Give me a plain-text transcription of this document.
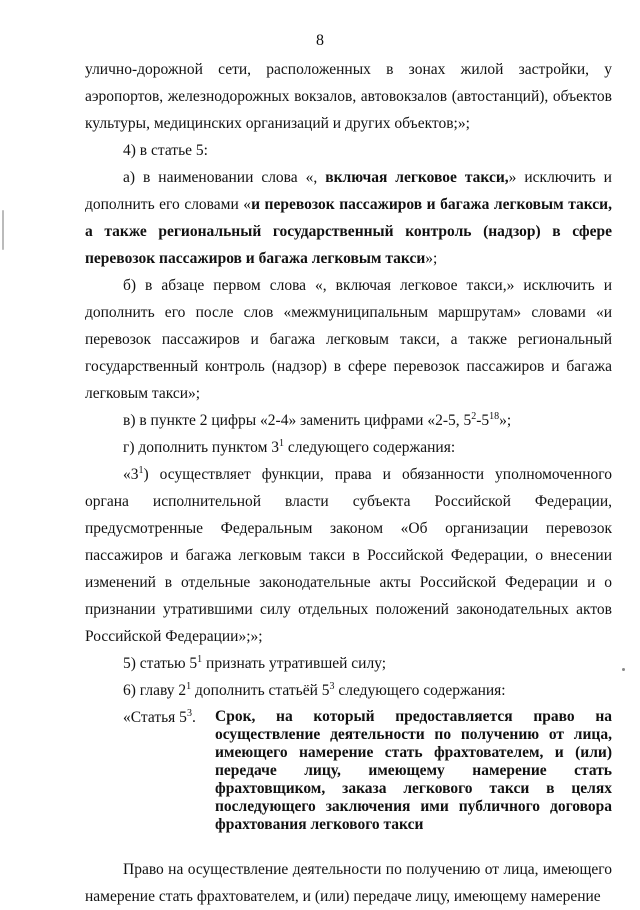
8

улично-дорожной сети, расположенных в зонах жилой застройки, у аэропортов, железнодорожных вокзалов, автовокзалов (автостанций), объектов культуры, медицинских организаций и других объектов;»;

4) в статье 5:

а) в наименовании слова «, включая легковое такси,» исключить и дополнить его словами «и перевозок пассажиров и багажа легковым такси, а также региональный государственный контроль (надзор) в сфере перевозок пассажиров и багажа легковым такси»;

б) в абзаце первом слова «, включая легковое такси,» исключить и дополнить его после слов «межмуниципальным маршрутам» словами «и перевозок пассажиров и багажа легковым такси, а также региональный государственный контроль (надзор) в сфере перевозок пассажиров и багажа легковым такси»;

в) в пункте 2 цифры «2-4» заменить цифрами «2-5, $5^2-5^{18}$»;

г) дополнить пунктом $3^1$ следующего содержания:

«$3^1$) осуществляет функции, права и обязанности уполномоченного органа исполнительной власти субъекта Российской Федерации, предусмотренные Федеральным законом «Об организации перевозок пассажиров и багажа легковым такси в Российской Федерации, о внесении изменений в отдельные законодательные акты Российской Федерации и о признании утратившими силу отдельных положений законодательных актов Российской Федерации»;»;

5) статью $5^1$ признать утратившей силу;

6) главу $2^1$ дополнить статьёй $5^3$ следующего содержания:

«Статья $5^3$.	Срок, на который предоставляется право на осуществление деятельности по получению от лица, имеющего намерение стать фрахтователем, и (или) передаче лицу, имеющему намерение стать фрахтовщиком, заказа легкового такси в целях последующего заключения ими публичного договора фрахтования легкового такси

Право на осуществление деятельности по получению от лица, имеющего намерение стать фрахтователем, и (или) передаче лицу, имеющему намерение
